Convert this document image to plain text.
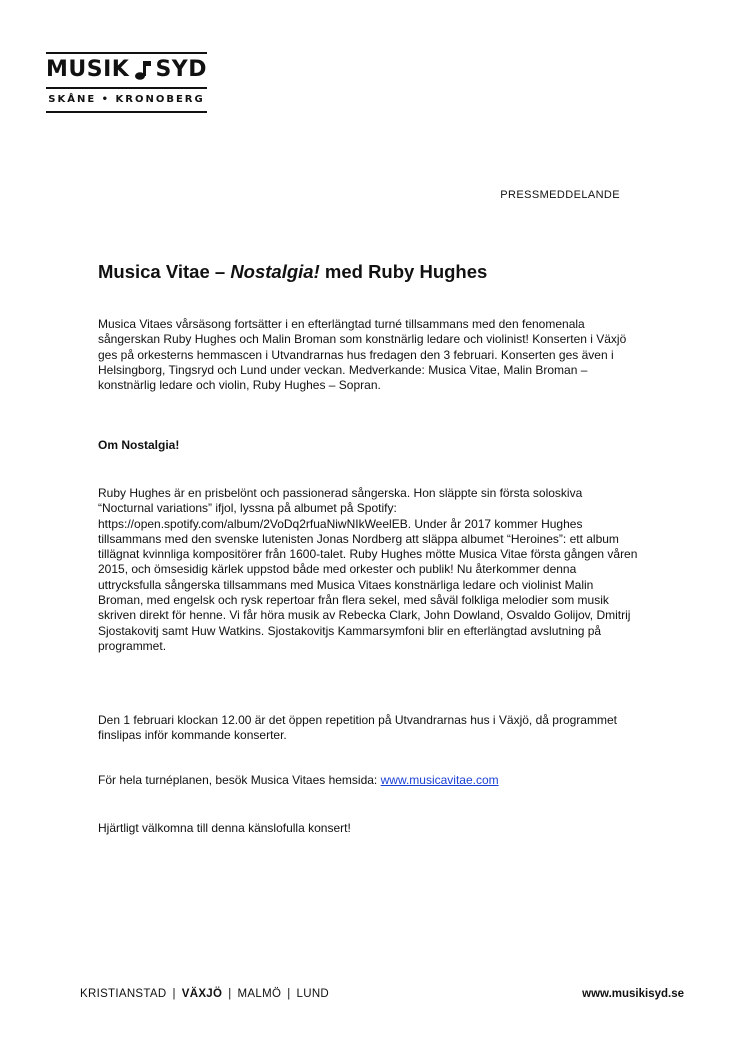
MUSIK SYD
SKÅNE • KRONOBERG
PRESSMEDDELANDE
Musica Vitae – Nostalgia! med Ruby Hughes

Musica Vitaes vårsäsong fortsätter i en efterlängtad turné tillsammans med den fenomenala sångerskan Ruby Hughes och Malin Broman som konstnärlig ledare och violinist! Konserten i Växjö ges på orkesterns hemmascen i Utvandrarnas hus fredagen den 3 februari. Konserten ges även i Helsingborg, Tingsryd och Lund under veckan. Medverkande: Musica Vitae, Malin Broman – konstnärlig ledare och violin, Ruby Hughes – Sopran.

Om Nostalgia!

Ruby Hughes är en prisbelönt och passionerad sångerska. Hon släppte sin första soloskiva “Nocturnal variations” ifjol, lyssna på albumet på Spotify: https://open.spotify.com/album/2VoDq2rfuaNiwNIkWeelEB. Under år 2017 kommer Hughes tillsammans med den svenske lutenisten Jonas Nordberg att släppa albumet “Heroines”: ett album tillägnat kvinnliga kompositörer från 1600-talet. Ruby Hughes mötte Musica Vitae första gången våren 2015, och ömsesidig kärlek uppstod både med orkester och publik! Nu återkommer denna uttrycksfulla sångerska tillsammans med Musica Vitaes konstnärliga ledare och violinist Malin Broman, med engelsk och rysk repertoar från flera sekel, med såväl folkliga melodier som musik skriven direkt för henne. Vi får höra musik av Rebecka Clark, John Dowland, Osvaldo Golijov, Dmitrij Sjostakovitj samt Huw Watkins. Sjostakovitjs Kammarsymfoni blir en efterlängtad avslutning på programmet.

Den 1 februari klockan 12.00 är det öppen repetition på Utvandrarnas hus i Växjö, då programmet finslipas inför kommande konserter.

För hela turnéplanen, besök Musica Vitaes hemsida: www.musicavitae.com

Hjärtligt välkomna till denna känslofulla konsert!

KRISTIANSTAD | VÄXJÖ | MALMÖ | LUND	www.musikisyd.se
